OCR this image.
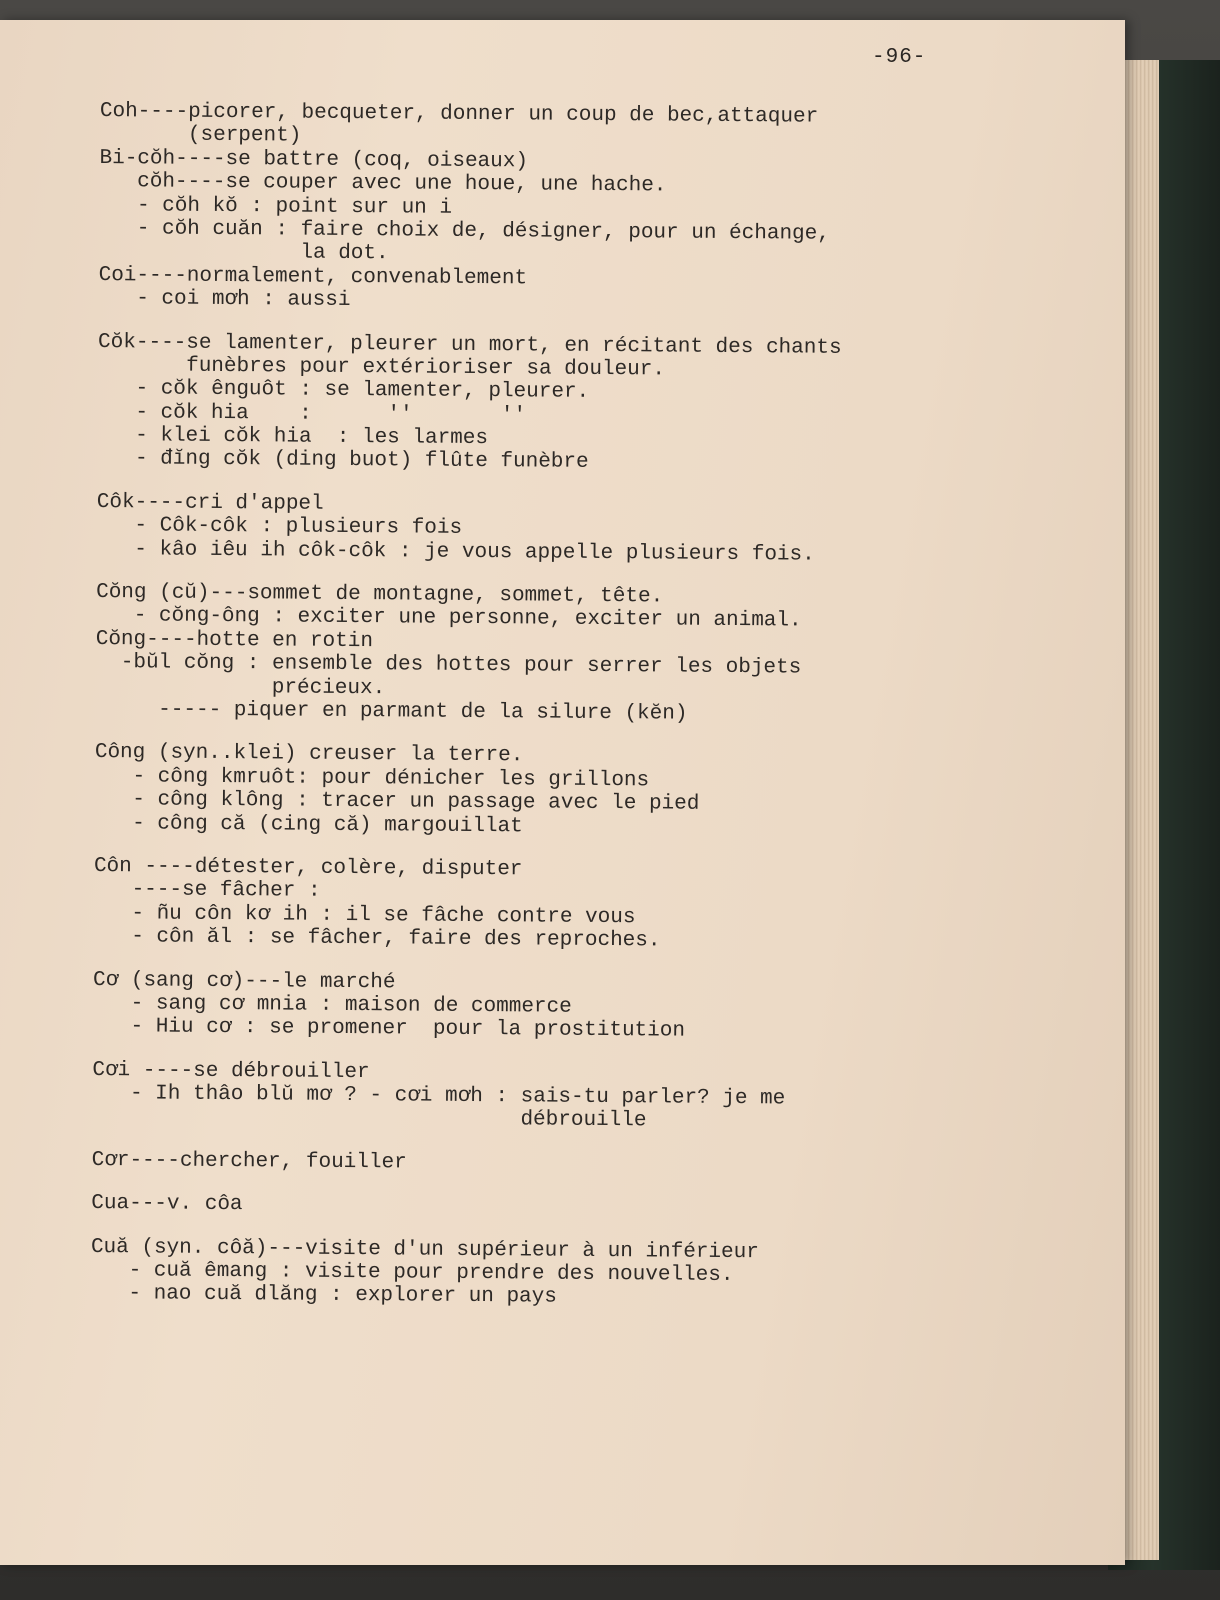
-96-
Coh----picorer, becqueter, donner un coup de bec,attaquer
(serpent)
Bi-cŏh----se battre (coq, oiseaux)
cŏh----se couper avec une houe, une hache.
- cŏh kŏ : point sur un i
- cŏh cuăn : faire choix de, désigner, pour un échange,
la dot.
Coi----normalement, convenablement
- coi mơh : aussi
Cŏk----se lamenter, pleurer un mort, en récitant des chants
funèbres pour extérioriser sa douleur.
- cŏk ênguôt : se lamenter, pleurer.
- cŏk hia    :      ''       ''
- klei cŏk hia  : les larmes
- đĭng cŏk (ding buot) flûte funèbre
Côk----cri d'appel
- Côk-côk : plusieurs fois
- kâo iêu ih côk-côk : je vous appelle plusieurs fois.
Cŏng (cŭ)---sommet de montagne, sommet, tête.
- cŏng-ông : exciter une personne, exciter un animal.
Cŏng----hotte en rotin
-bŭl cŏng : ensemble des hottes pour serrer les objets
précieux.
----- piquer en parmant de la silure (kĕn)
Công (syn..klei) creuser la terre.
- công kmruôt: pour dénicher les grillons
- công klông : tracer un passage avec le pied
- công că (cing că) margouillat
Côn ----détester, colère, disputer
----se fâcher :
- ñu côn kơ ih : il se fâche contre vous
- côn ăl : se fâcher, faire des reproches.
Cơ (sang cơ)---le marché
- sang cơ mnia : maison de commerce
- Hiu cơ : se promener  pour la prostitution
Cơi ----se débrouiller
- Ih thâo blŭ mơ ? - cơi mơh : sais-tu parler? je me
débrouille
Cơr----chercher, fouiller
Cua---v. côa
Cuă (syn. côă)---visite d'un supérieur à un inférieur
- cuă êmang : visite pour prendre des nouvelles.
- nao cuă dlăng : explorer un pays
